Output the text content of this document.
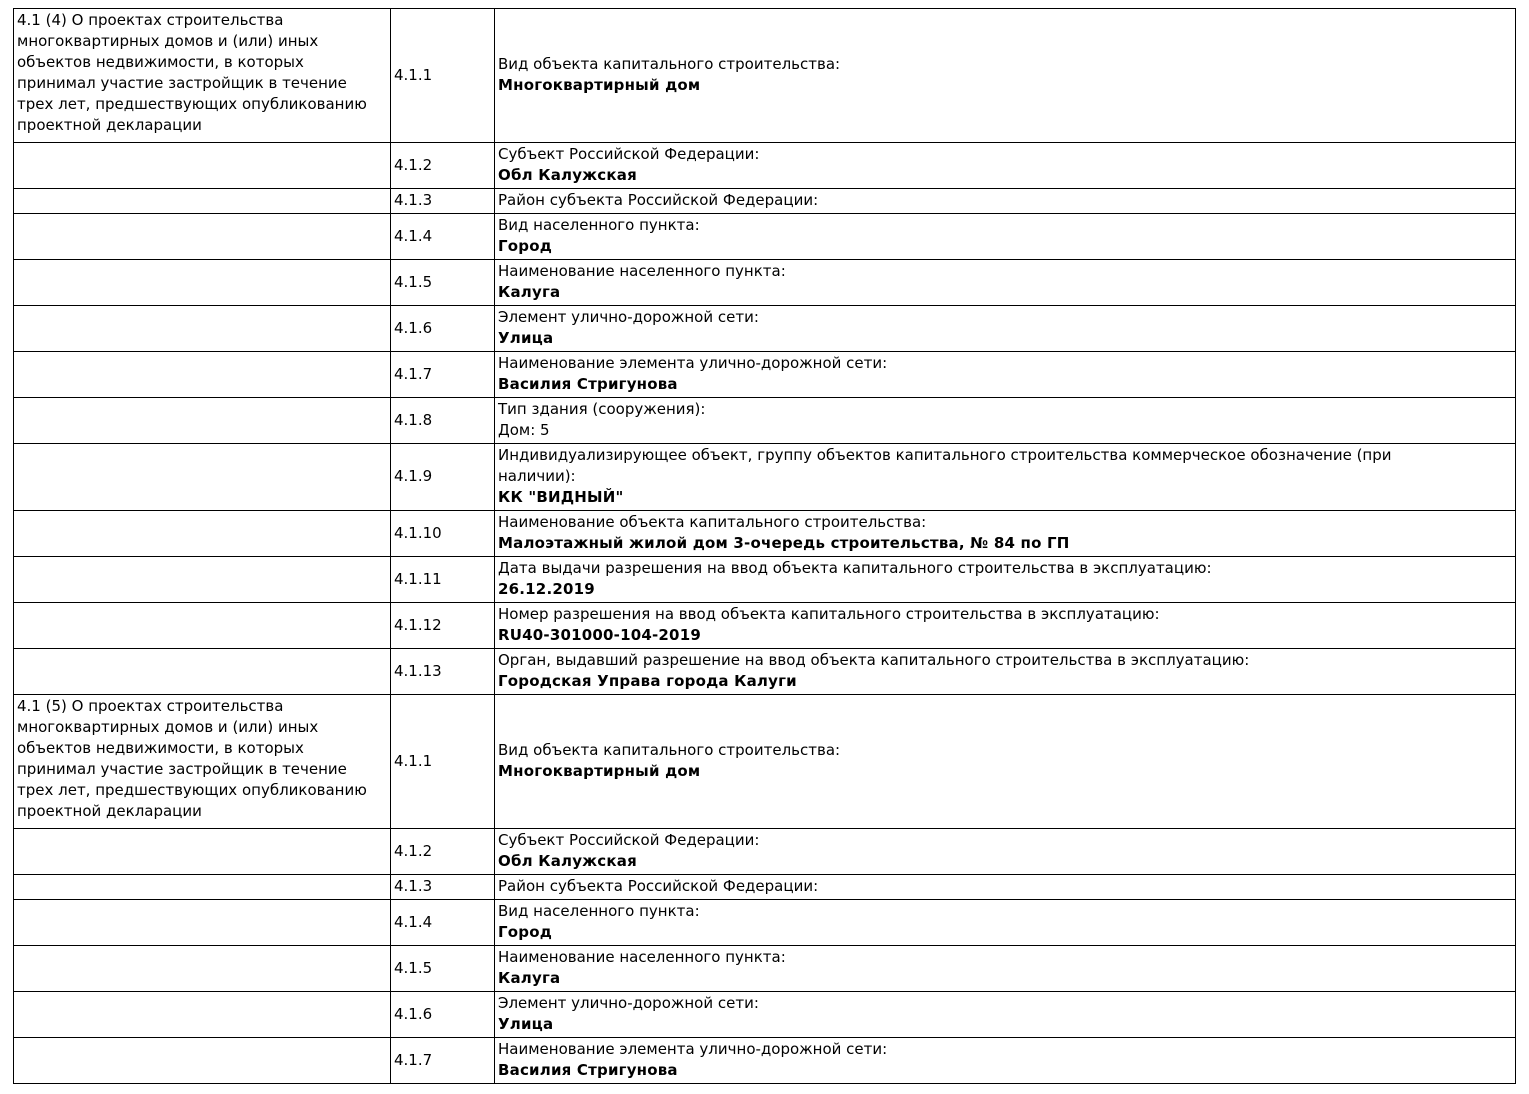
4.1 (4) О проектах строительства многоквартирных домов и (или) иных объектов недвижимости, в которых принимал участие застройщик в течение трех лет, предшествующих опубликованию проектной декларации	4.1.1	Вид объекта капитального строительства:
Многоквартирный дом

	4.1.2	Субъект Российской Федерации:
Обл Калужская

	4.1.3	Район субъекта Российской Федерации:

	4.1.4	Вид населенного пункта:
Город

	4.1.5	Наименование населенного пункта:
Калуга

	4.1.6	Элемент улично-дорожной сети:
Улица

	4.1.7	Наименование элемента улично-дорожной сети:
Василия Стригунова

	4.1.8	Тип здания (сооружения):
Дом: 5

	4.1.9	Индивидуализирующее объект, группу объектов капитального строительства коммерческое обозначение (при наличии):
КК "ВИДНЫЙ"

	4.1.10	Наименование объекта капитального строительства:
Малоэтажный жилой дом 3-очередь строительства, № 84 по ГП

	4.1.11	Дата выдачи разрешения на ввод объекта капитального строительства в эксплуатацию:
26.12.2019

	4.1.12	Номер разрешения на ввод объекта капитального строительства в эксплуатацию:
RU40-301000-104-2019

	4.1.13	Орган, выдавший разрешение на ввод объекта капитального строительства в эксплуатацию:
Городская Управа города Калуги

4.1 (5) О проектах строительства многоквартирных домов и (или) иных объектов недвижимости, в которых принимал участие застройщик в течение трех лет, предшествующих опубликованию проектной декларации	4.1.1	Вид объекта капитального строительства:
Многоквартирный дом

	4.1.2	Субъект Российской Федерации:
Обл Калужская

	4.1.3	Район субъекта Российской Федерации:

	4.1.4	Вид населенного пункта:
Город

	4.1.5	Наименование населенного пункта:
Калуга

	4.1.6	Элемент улично-дорожной сети:
Улица

	4.1.7	Наименование элемента улично-дорожной сети:
Василия Стригунова
